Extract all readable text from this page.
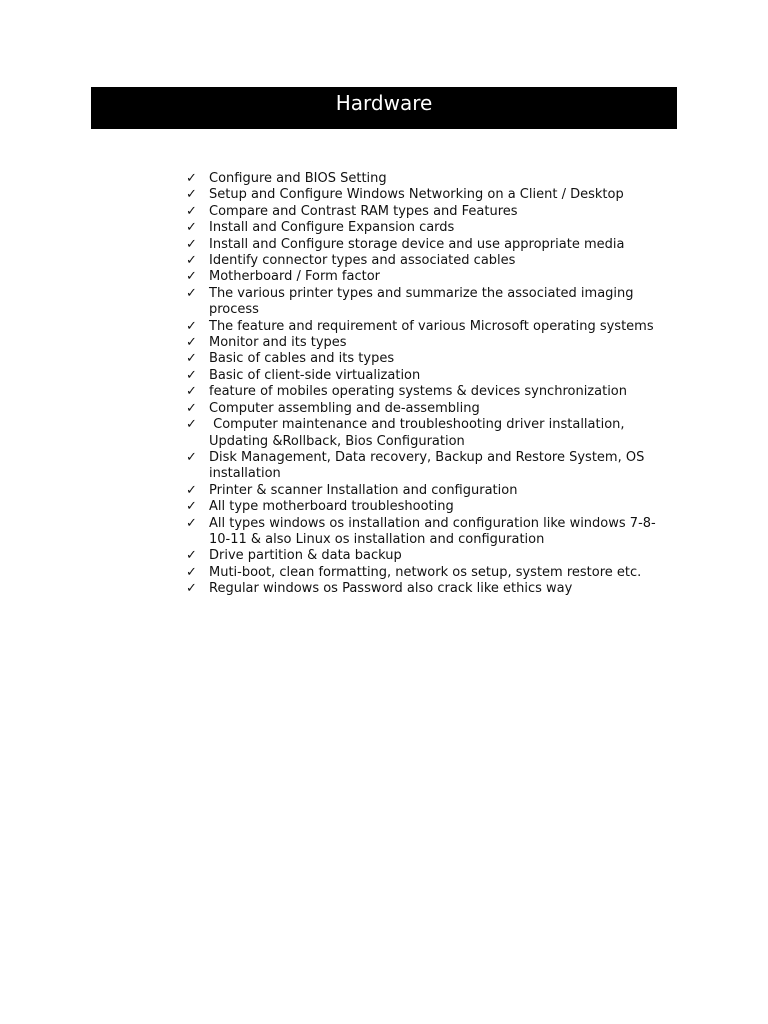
Hardware
✓ Configure and BIOS Setting
✓ Setup and Configure Windows Networking on a Client / Desktop
✓ Compare and Contrast RAM types and Features
✓ Install and Configure Expansion cards
✓ Install and Configure storage device and use appropriate media
✓ Identify connector types and associated cables
✓ Motherboard / Form factor
✓ The various printer types and summarize the associated imaging process
✓ The feature and requirement of various Microsoft operating systems
✓ Monitor and its types
✓ Basic of cables and its types
✓ Basic of client-side virtualization
✓ feature of mobiles operating systems & devices synchronization
✓ Computer assembling and de-assembling
✓ Computer maintenance and troubleshooting driver installation, Updating &Rollback, Bios Configuration
✓ Disk Management, Data recovery, Backup and Restore System, OS installation
✓ Printer & scanner Installation and configuration
✓ All type motherboard troubleshooting
✓ All types windows os installation and configuration like windows 7-8-10-11 & also Linux os installation and configuration
✓ Drive partition & data backup
✓ Muti-boot, clean formatting, network os setup, system restore etc.
✓ Regular windows os Password also crack like ethics way
